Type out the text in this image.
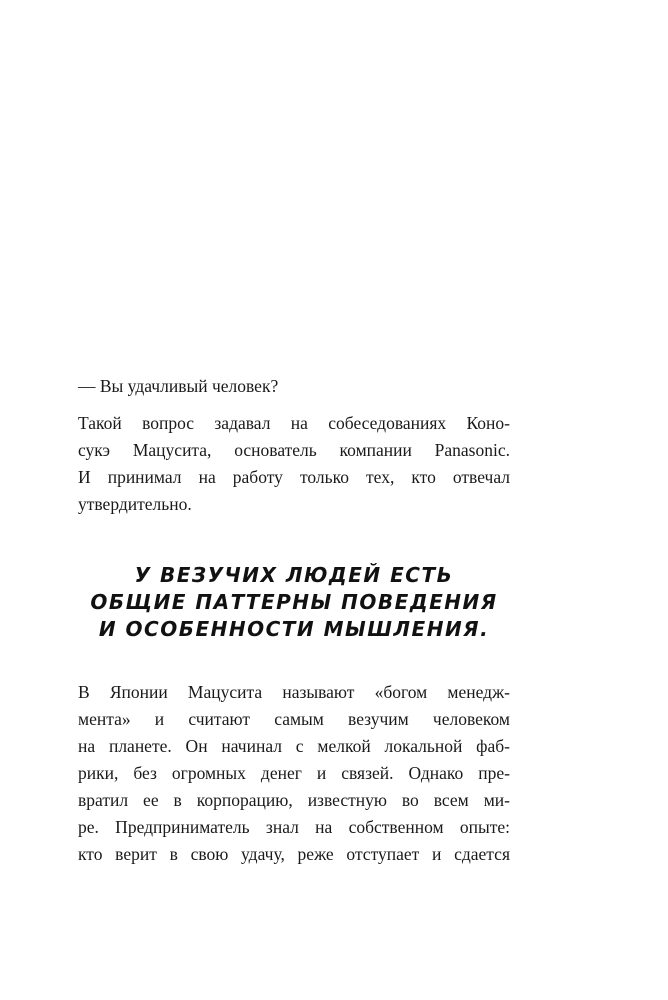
— Вы удачливый человек?
Такой вопрос задавал на собеседованиях Коно-
сукэ Мацусита, основатель компании Panasonic.
И принимал на работу только тех, кто отвечал
утвердительно.
У ВЕЗУЧИХ ЛЮДЕЙ ЕСТЬ
ОБЩИЕ ПАТТЕРНЫ ПОВЕДЕНИЯ
И ОСОБЕННОСТИ МЫШЛЕНИЯ.
В Японии Мацусита называют «богом менедж-
мента» и считают самым везучим человеком
на планете. Он начинал с мелкой локальной фаб-
рики, без огромных денег и связей. Однако пре-
вратил ее в корпорацию, известную во всем ми-
ре. Предприниматель знал на собственном опыте:
кто верит в свою удачу, реже отступает и сдается
